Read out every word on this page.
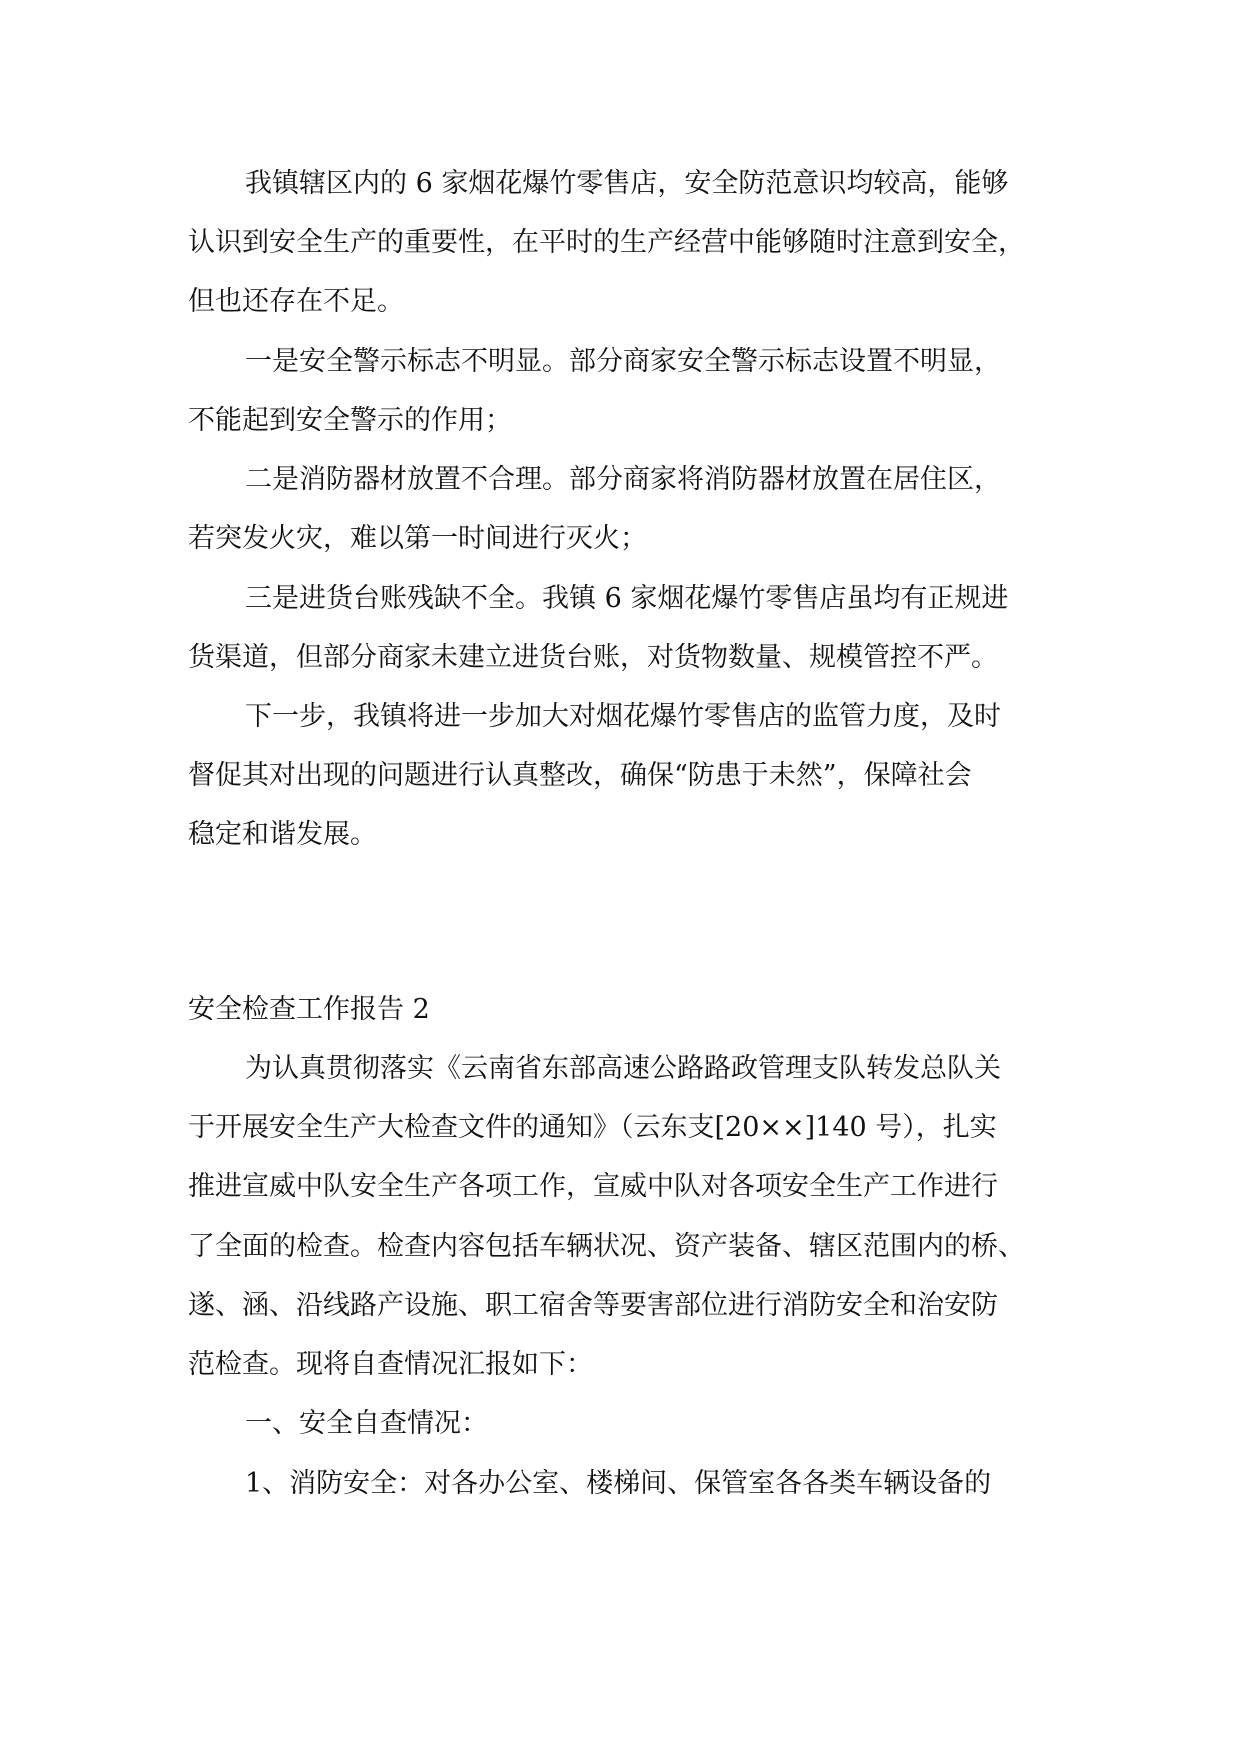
我镇辖区内的 6 家烟花爆竹零售店，安全防范意识均较高，能够

认识到安全生产的重要性，在平时的生产经营中能够随时注意到安全，

但也还存在不足。

一是安全警示标志不明显。部分商家安全警示标志设置不明显，

不能起到安全警示的作用；

二是消防器材放置不合理。部分商家将消防器材放置在居住区，

若突发火灾，难以第一时间进行灭火；

三是进货台账残缺不全。我镇 6 家烟花爆竹零售店虽均有正规进

货渠道，但部分商家未建立进货台账，对货物数量、规模管控不严。

下一步，我镇将进一步加大对烟花爆竹零售店的监管力度，及时

督促其对出现的问题进行认真整改，确保“防患于未然”，保障社会

稳定和谐发展。

安全检查工作报告 2

为认真贯彻落实《云南省东部高速公路路政管理支队转发总队关

于开展安全生产大检查文件的通知》（云东支[20××]140 号），扎实

推进宣威中队安全生产各项工作，宣威中队对各项安全生产工作进行

了全面的检查。检查内容包括车辆状况、资产装备、辖区范围内的桥、

遂、涵、沿线路产设施、职工宿舍等要害部位进行消防安全和治安防

范检查。现将自查情况汇报如下：

一、安全自查情况：

1、消防安全：对各办公室、楼梯间、保管室各各类车辆设备的
